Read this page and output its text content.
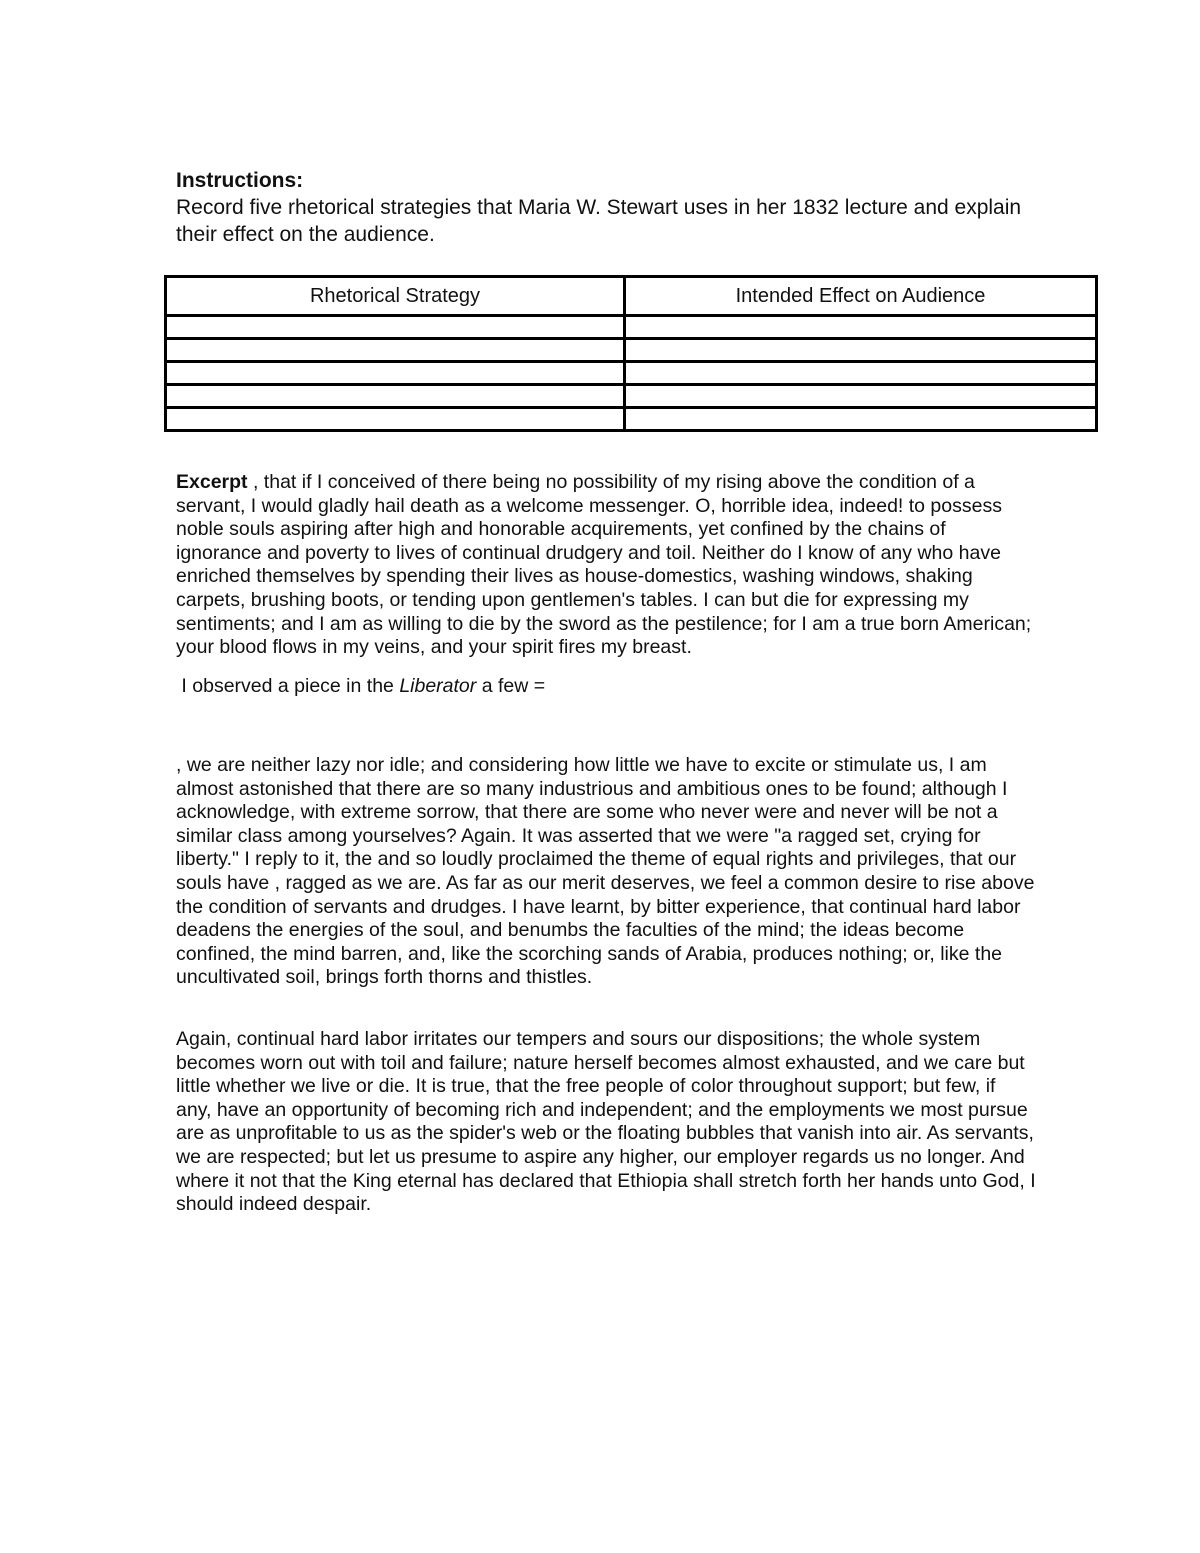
Instructions:
Record five rhetorical strategies that Maria W. Stewart uses in her 1832 lecture and explain their effect on the audience.
Rhetorical Strategy	Intended Effect on Audience

Excerpt , that if I conceived of there being no possibility of my rising above the condition of a servant, I would gladly hail death as a welcome messenger. O, horrible idea, indeed! to possess noble souls aspiring after high and honorable acquirements, yet confined by the chains of ignorance and poverty to lives of continual drudgery and toil. Neither do I know of any who have enriched themselves by spending their lives as house-domestics, washing windows, shaking carpets, brushing boots, or tending upon gentlemen's tables. I can but die for expressing my sentiments; and I am as willing to die by the sword as the pestilence; for I am a true born American; your blood flows in my veins, and your spirit fires my breast.

I observed a piece in the Liberator a few =
, we are neither lazy nor idle; and considering how little we have to excite or stimulate us, I am almost astonished that there are so many industrious and ambitious ones to be found; although I acknowledge, with extreme sorrow, that there are some who never were and never will be not a similar class among yourselves? Again. It was asserted that we were "a ragged set, crying for liberty." I reply to it, the and so loudly proclaimed the theme of equal rights and privileges, that our souls have , ragged as we are. As far as our merit deserves, we feel a common desire to rise above the condition of servants and drudges. I have learnt, by bitter experience, that continual hard labor deadens the energies of the soul, and benumbs the faculties of the mind; the ideas become confined, the mind barren, and, like the scorching sands of Arabia, produces nothing; or, like the uncultivated soil, brings forth thorns and thistles.
Again, continual hard labor irritates our tempers and sours our dispositions; the whole system becomes worn out with toil and failure; nature herself becomes almost exhausted, and we care but little whether we live or die. It is true, that the free people of color throughout support; but few, if any, have an opportunity of becoming rich and independent; and the employments we most pursue are as unprofitable to us as the spider's web or the floating bubbles that vanish into air. As servants, we are respected; but let us presume to aspire any higher, our employer regards us no longer. And where it not that the King eternal has declared that Ethiopia shall stretch forth her hands unto God, I should indeed despair.
